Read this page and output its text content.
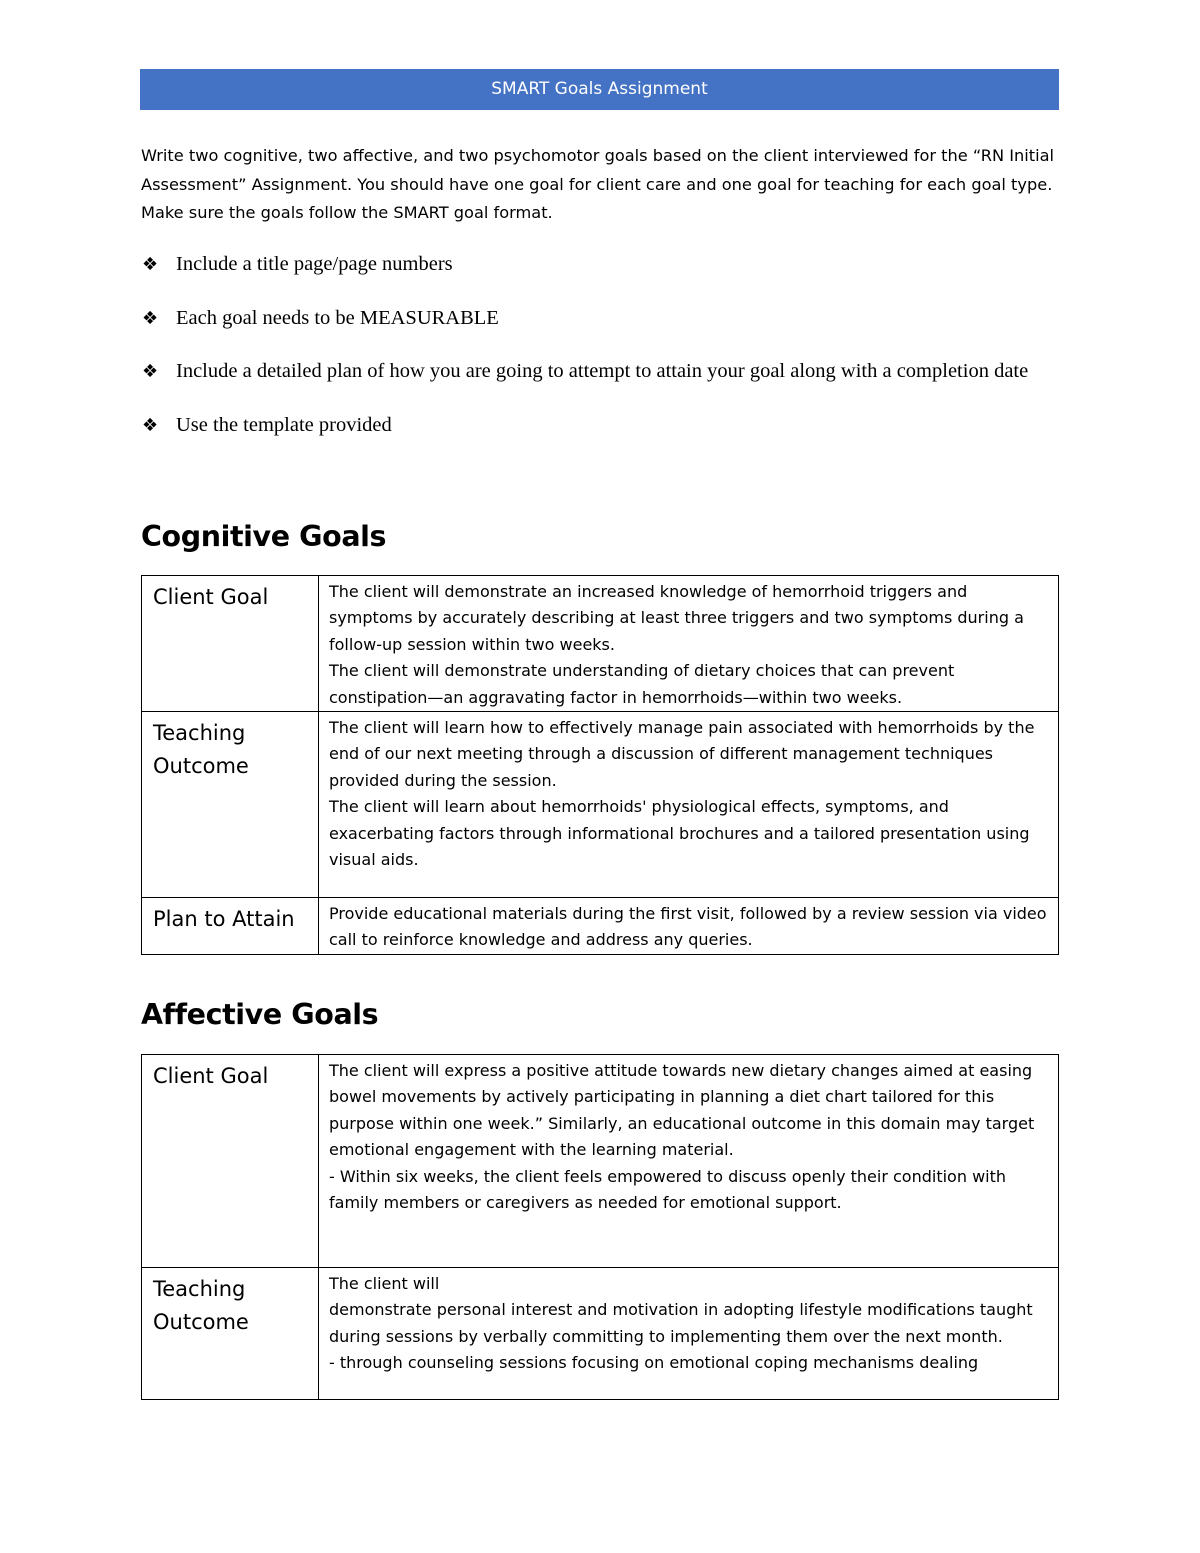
SMART Goals Assignment

Write two cognitive, two affective, and two psychomotor goals based on the client interviewed for the “RN Initial Assessment” Assignment. You should have one goal for client care and one goal for teaching for each goal type. Make sure the goals follow the SMART goal format.

❖ Include a title page/page numbers
❖ Each goal needs to be MEASURABLE
❖ Include a detailed plan of how you are going to attempt to attain your goal along with a completion date
❖ Use the template provided
Cognitive Goals
Client Goal	The client will demonstrate an increased knowledge of hemorrhoid triggers and symptoms by accurately describing at least three triggers and two symptoms during a follow-up session within two weeks.

The client will demonstrate understanding of dietary choices that can prevent constipation—an aggravating factor in hemorrhoids—within two weeks.

Teaching Outcome	The client will learn how to effectively manage pain associated with hemorrhoids by the end of our next meeting through a discussion of different management techniques provided during the session.

The client will learn about hemorrhoids' physiological effects, symptoms, and exacerbating factors through informational brochures and a tailored presentation using visual aids.

Plan to Attain	Provide educational materials during the first visit, followed by a review session via video call to reinforce knowledge and address any queries.

Affective Goals
Client Goal	The client will express a positive attitude towards new dietary changes aimed at easing bowel movements by actively participating in planning a diet chart tailored for this purpose within one week.” Similarly, an educational outcome in this domain may target emotional engagement with the learning material.

- Within six weeks, the client feels empowered to discuss openly their condition with family members or caregivers as needed for emotional support.

Teaching Outcome	The client will

demonstrate personal interest and motivation in adopting lifestyle modifications taught during sessions by verbally committing to implementing them over the next month.

- through counseling sessions focusing on emotional coping mechanisms dealing
